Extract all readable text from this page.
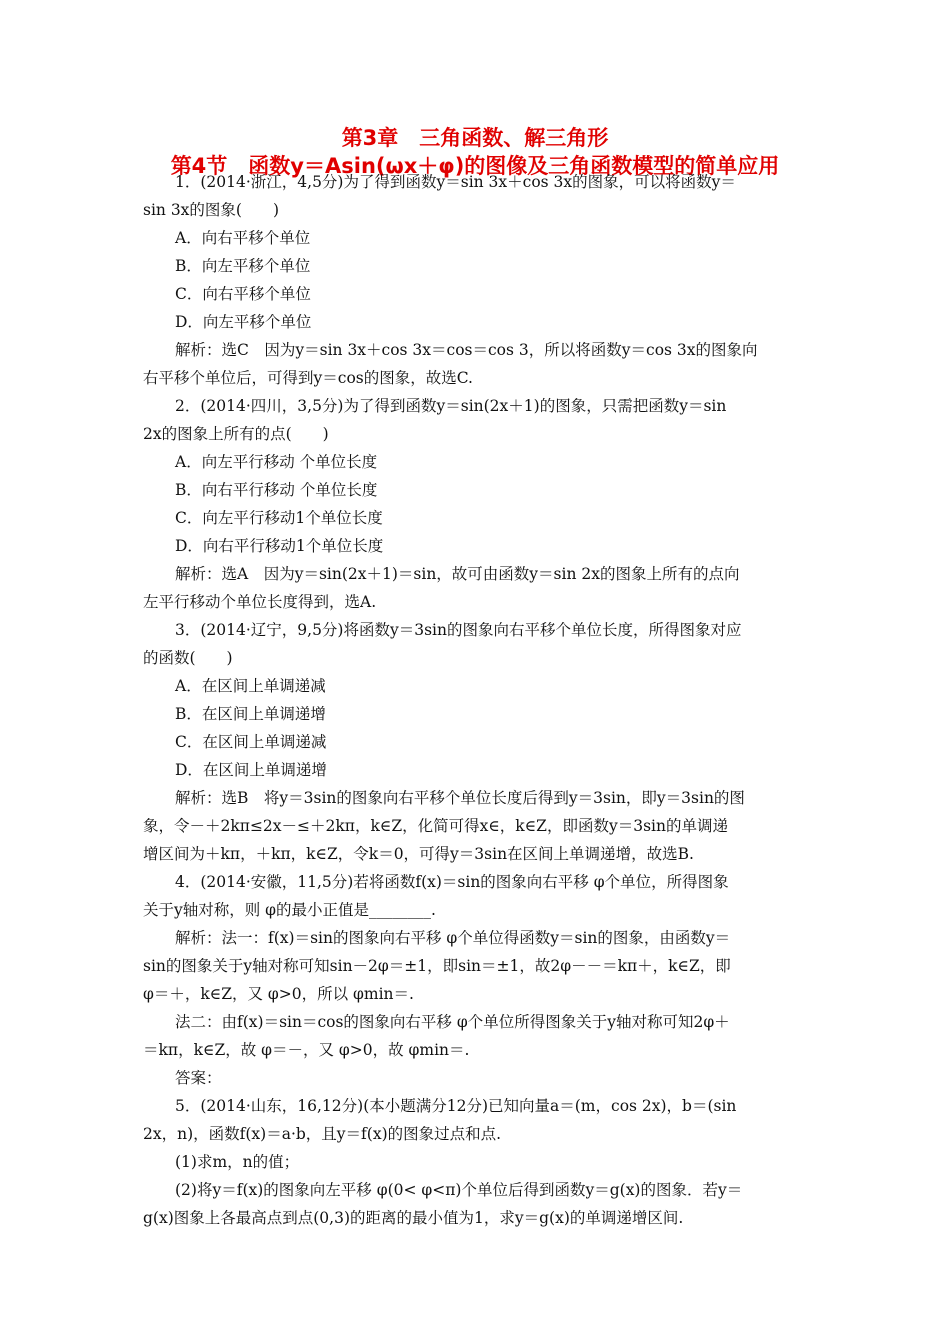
第3章　三角函数、解三角形
第4节　函数y＝Asin(ωx＋φ)的图像及三角函数模型的简单应用
1．(2014·浙江，4,5分)为了得到函数y＝sin 3x＋cos 3x的图象，可以将函数y＝
sin 3x的图象(　　)
A．向右平移个单位
B．向左平移个单位
C．向右平移个单位
D．向左平移个单位
解析：选C　因为y＝sin 3x＋cos 3x＝cos＝cos 3，所以将函数y＝cos 3x的图象向
右平移个单位后，可得到y＝cos的图象，故选C.
2．(2014·四川，3,5分)为了得到函数y＝sin(2x＋1)的图象，只需把函数y＝sin
2x的图象上所有的点(　　)
A．向左平行移动 个单位长度
B．向右平行移动 个单位长度
C．向左平行移动1个单位长度
D．向右平行移动1个单位长度
解析：选A　因为y＝sin(2x＋1)＝sin，故可由函数y＝sin 2x的图象上所有的点向
左平行移动个单位长度得到，选A.
3．(2014·辽宁，9,5分)将函数y＝3sin的图象向右平移个单位长度，所得图象对应
的函数(　　)
A．在区间上单调递减
B．在区间上单调递增
C．在区间上单调递减
D．在区间上单调递增
解析：选B　将y＝3sin的图象向右平移个单位长度后得到y＝3sin，即y＝3sin的图
象，令－＋2kπ≤2x－≤＋2kπ，k∈Z，化简可得x∈，k∈Z，即函数y＝3sin的单调递
增区间为＋kπ，＋kπ，k∈Z，令k＝0，可得y＝3sin在区间上单调递增，故选B.
4．(2014·安徽，11,5分)若将函数f(x)＝sin的图象向右平移 φ个单位，所得图象
关于y轴对称，则 φ的最小正值是________.
解析：法一：f(x)＝sin的图象向右平移 φ个单位得函数y＝sin的图象，由函数y＝
sin的图象关于y轴对称可知sin－2φ＝±1，即sin＝±1，故2φ－－＝kπ＋，k∈Z，即
φ＝＋，k∈Z，又 φ>0，所以 φmin＝.
法二：由f(x)＝sin＝cos的图象向右平移 φ个单位所得图象关于y轴对称可知2φ＋
＝kπ，k∈Z，故 φ＝－，又 φ>0，故 φmin＝.
答案：
5．(2014·山东，16,12分)(本小题满分12分)已知向量a＝(m，cos 2x)，b＝(sin
2x，n)，函数f(x)＝a·b，且y＝f(x)的图象过点和点.
(1)求m，n的值；
(2)将y＝f(x)的图象向左平移 φ(0< φ<π)个单位后得到函数y＝g(x)的图象．若y＝
g(x)图象上各最高点到点(0,3)的距离的最小值为1，求y＝g(x)的单调递增区间.
